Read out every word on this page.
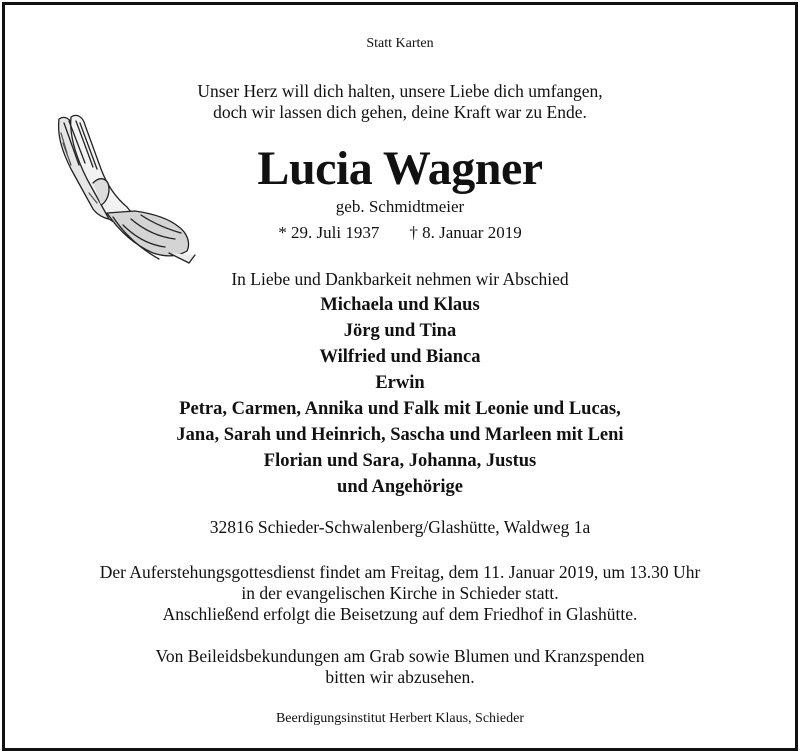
Statt Karten
Unser Herz will dich halten, unsere Liebe dich umfangen,
doch wir lassen dich gehen, deine Kraft war zu Ende.
Lucia Wagner
geb. Schmidtmeier
* 29. Juli 1937 † 8. Januar 2019
In Liebe und Dankbarkeit nehmen wir Abschied
Michaela und Klaus
Jörg und Tina
Wilfried und Bianca
Erwin
Petra, Carmen, Annika und Falk mit Leonie und Lucas,
Jana, Sarah und Heinrich, Sascha und Marleen mit Leni
Florian und Sara, Johanna, Justus
und Angehörige
32816 Schieder-Schwalenberg/Glashütte, Waldweg 1a
Der Auferstehungsgottesdienst findet am Freitag, dem 11. Januar 2019, um 13.30 Uhr
in der evangelischen Kirche in Schieder statt.
Anschließend erfolgt die Beisetzung auf dem Friedhof in Glashütte.
Von Beileidsbekundungen am Grab sowie Blumen und Kranzspenden
bitten wir abzusehen.
Beerdigungsinstitut Herbert Klaus, Schieder
